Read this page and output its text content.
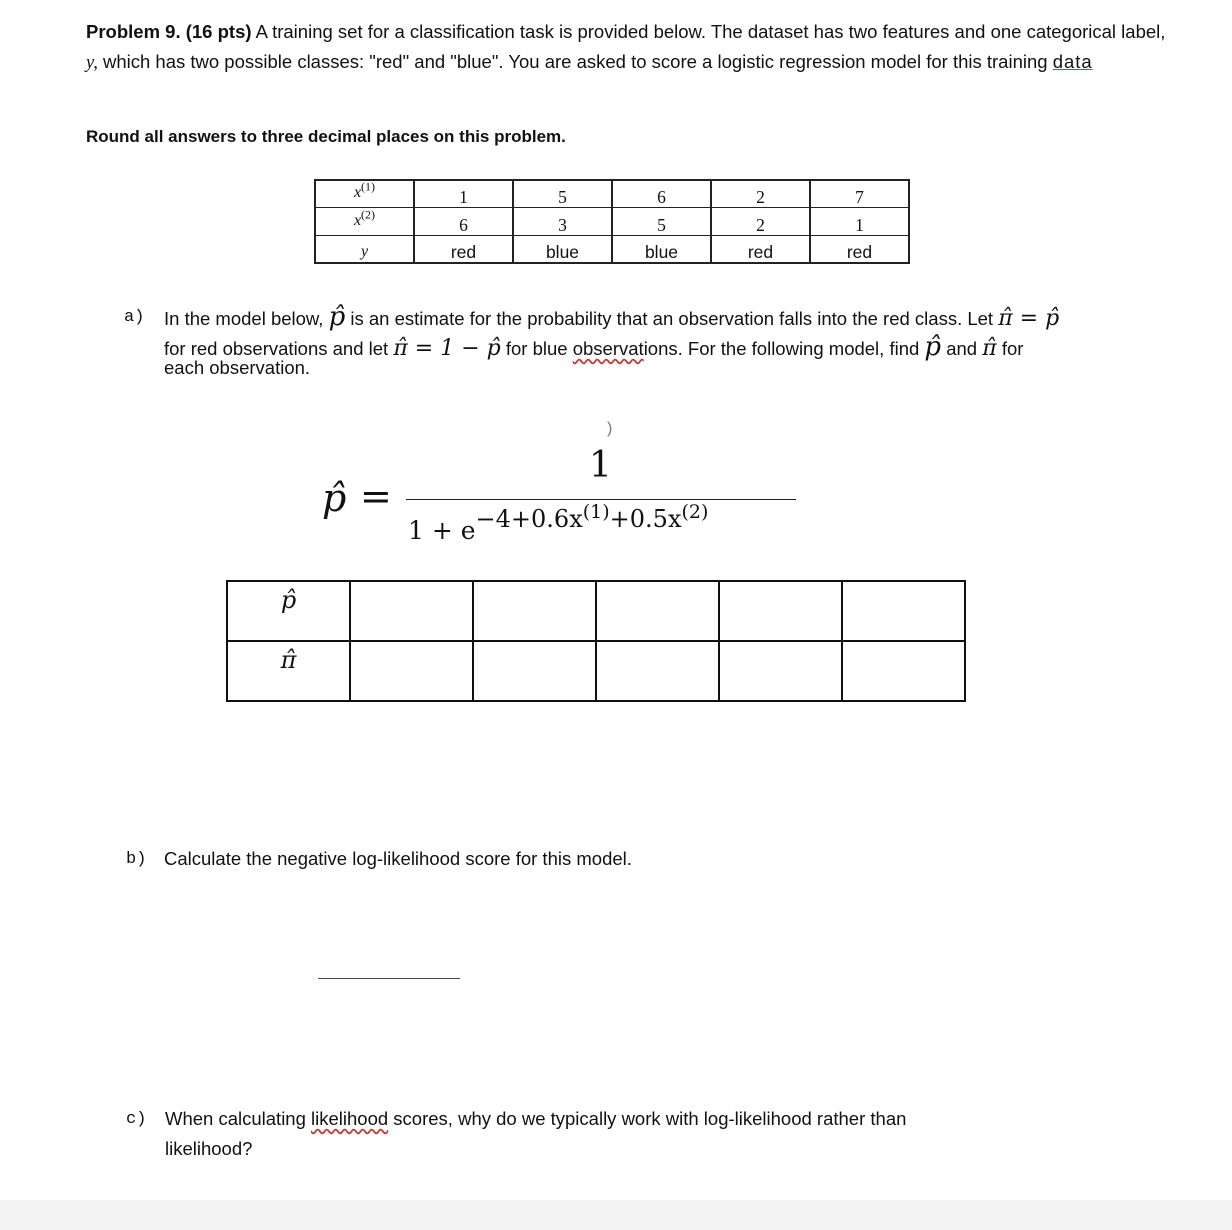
Problem 9. (16 pts) A training set for a classification task is provided below. The dataset has two features and one categorical label, y, which has two possible classes: "red" and "blue". You are asked to score a logistic regression model for this training data
Round all answers to three decimal places on this problem.
$x^{(1)}$	1	5	6	2	7
$x^{(2)}$	6	3	5	2	1
y	red	blue	blue	red	red
a) In the model below, p̂ is an estimate for the probability that an observation falls into the red class. Let π̂ = p̂
for red observations and let π̂ = 1 − p̂ for blue observations. For the following model, find p̂ and π̂ for
each observation.
)
p̂ =
1
$1 + e-4+0.6x^{(1)}+0.5x^{(2)}$
p̂					
π̂					
b) Calculate the negative log-likelihood score for this model.
c) When calculating likelihood scores, why do we typically work with log-likelihood rather than
likelihood?
